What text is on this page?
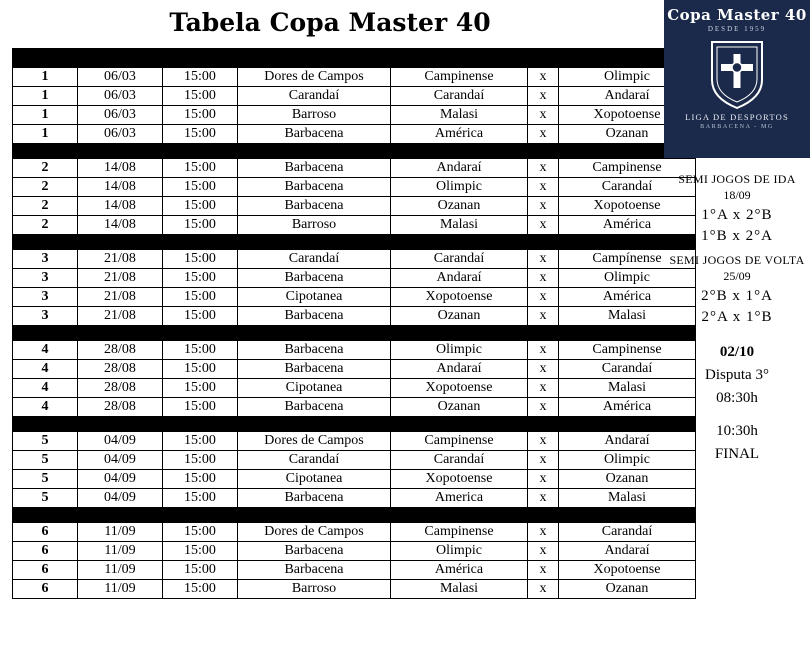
Tabela Copa Master 40
Rodada	Data	Hora	Local	Mandante	x	Visitante
1	06/03	15:00	Dores de Campos	Campinense	x	Olimpic
1	06/03	15:00	Carandaí	Carandaí	x	Andaraí
1	06/03	15:00	Barroso	Malasi	x	Xopotoense
1	06/03	15:00	Barbacena	América	x	Ozanan

2	14/08	15:00	Barbacena	Andaraí	x	Campinense
2	14/08	15:00	Barbacena	Olimpic	x	Carandaí
2	14/08	15:00	Barbacena	Ozanan	x	Xopotoense
2	14/08	15:00	Barroso	Malasi	x	América

3	21/08	15:00	Carandaí	Carandaí	x	Campínense
3	21/08	15:00	Barbacena	Andaraí	x	Olimpic
3	21/08	15:00	Cipotanea	Xopotoense	x	América
3	21/08	15:00	Barbacena	Ozanan	x	Malasi

4	28/08	15:00	Barbacena	Olimpic	x	Campinense
4	28/08	15:00	Barbacena	Andaraí	x	Carandaí
4	28/08	15:00	Cipotanea	Xopotoense	x	Malasi
4	28/08	15:00	Barbacena	Ozanan	x	América

5	04/09	15:00	Dores de Campos	Campinense	x	Andaraí
5	04/09	15:00	Carandaí	Carandaí	x	Olimpic
5	04/09	15:00	Cipotanea	Xopotoense	x	Ozanan
5	04/09	15:00	Barbacena	America	x	Malasi

6	11/09	15:00	Dores de Campos	Campinense	x	Carandaí
6	11/09	15:00	Barbacena	Olimpic	x	Andaraí
6	11/09	15:00	Barbacena	América	x	Xopotoense
6	11/09	15:00	Barroso	Malasi	x	Ozanan
Copa Master 40
DESDE 1959
LIGA DE DESPORTOS
BARBACENA - MG
SEMI JOGOS DE IDA
18/09
1°A x 2°B
1°B x 2°A
SEMI JOGOS DE VOLTA
25/09
2°B x 1°A
2°A x 1°B
02/10
Disputa 3°
08:30h
10:30h
FINAL
